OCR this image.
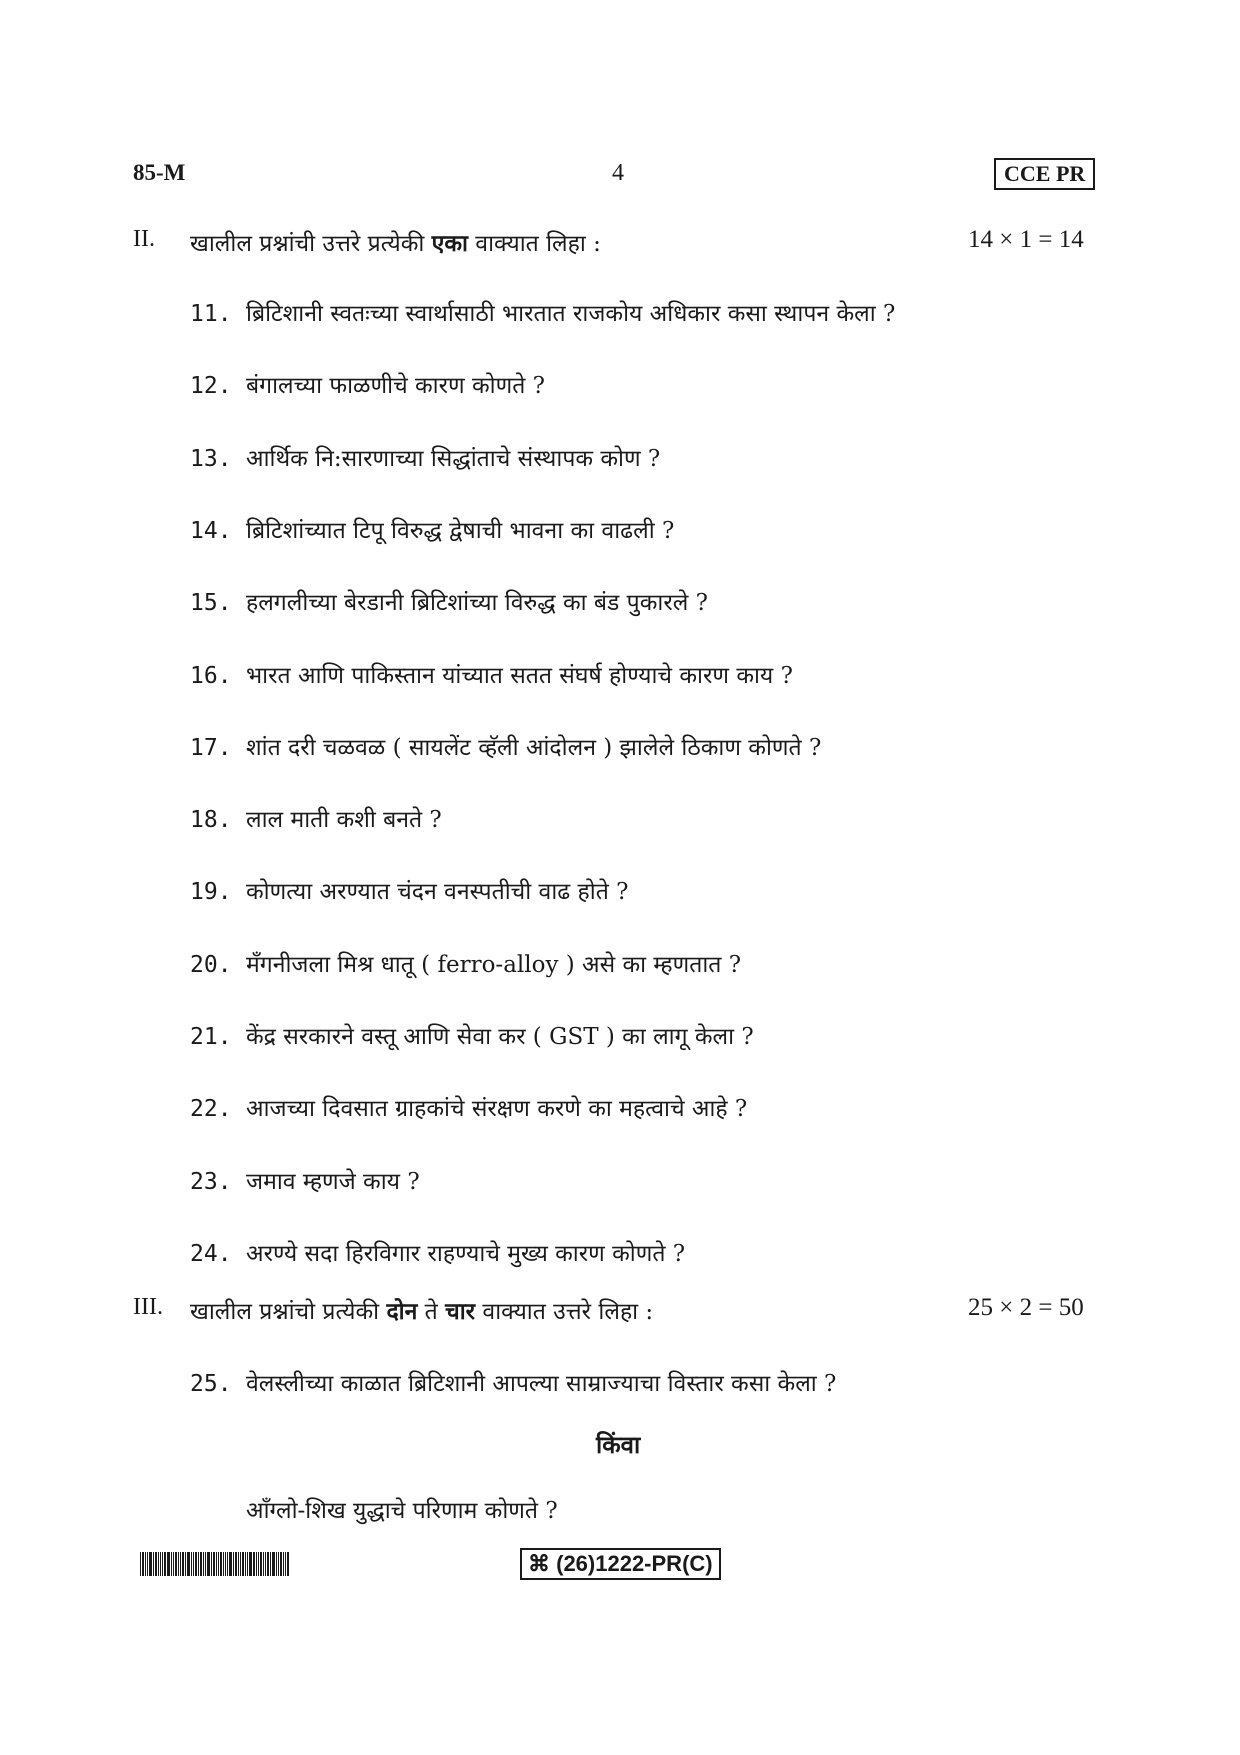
85-M	4	CCE PR
II. खालील प्रश्नांची उत्तरे प्रत्येकी एका वाक्यात लिहा :	14 × 1 = 14
11. ब्रिटिशानी स्वतःच्या स्वार्थासाठी भारतात राजकोय अधिकार कसा स्थापन केला ?
12. बंगालच्या फाळणीचे कारण कोणते ?
13. आर्थिक नि:सारणाच्या सिद्धांताचे संस्थापक कोण ?
14. ब्रिटिशांच्यात टिपू विरुद्ध द्वेषाची भावना का वाढली ?
15. हलगलीच्या बेरडानी ब्रिटिशांच्या विरुद्ध का बंड पुकारले ?
16. भारत आणि पाकिस्तान यांच्यात सतत संघर्ष होण्याचे कारण काय ?
17. शांत दरी चळवळ ( सायलेंट व्हॅली आंदोलन ) झालेले ठिकाण कोणते ?
18. लाल माती कशी बनते ?
19. कोणत्या अरण्यात चंदन वनस्पतीची वाढ होते ?
20. मँगनीजला मिश्र धातू ( ferro-alloy ) असे का म्हणतात ?
21. केंद्र सरकारने वस्तू आणि सेवा कर ( GST ) का लागू केला ?
22. आजच्या दिवसात ग्राहकांचे संरक्षण करणे का महत्वाचे आहे ?
23. जमाव म्हणजे काय ?
24. अरण्ये सदा हिरविगार राहण्याचे मुख्य कारण कोणते ?
III. खालील प्रश्नांचो प्रत्येकी दोन ते चार वाक्यात उत्तरे लिहा :	25 × 2 = 50
25. वेलस्लीच्या काळात ब्रिटिशानी आपल्या साम्राज्याचा विस्तार कसा केला ?
किंवा
आँग्लो-शिख युद्धाचे परिणाम कोणते ?
⌘ (26)1222-PR(C)
